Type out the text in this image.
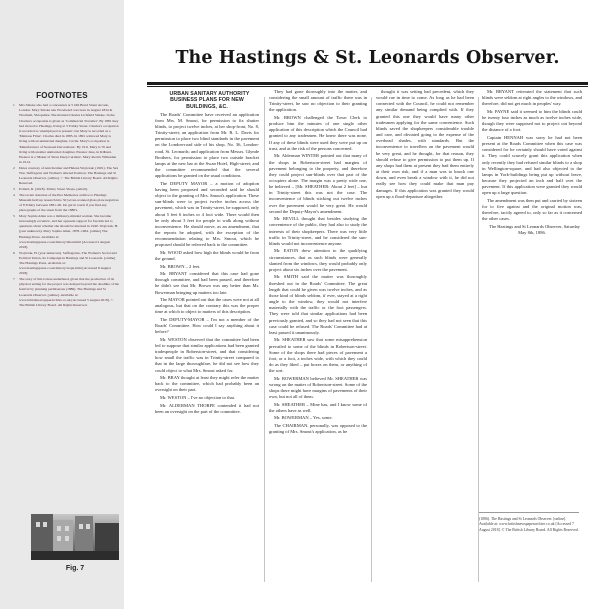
FOOTNOTES
1 Mrs Smoke also had a concession at 5 Old Bond Street Arcade, London. Mary Smoke née Woodward was born in August 1834 in Wrothem, Shropshire. She married Charles Lichfield Smoke. In the Charles's occupation is given as 'Commercial Traveller'. By 1881 they had moved to Hastings, living at 3 Trinity Street. Charles's occupation is recorded as 'unemployed at present', but Mary is recorded as a 'Mattrese Fitter'. Charles died in 1885. In 1891 widowed Mary is living with an unmarried daughter, Cecile. Mary's occupation is 'Manufacturer of Seaweed Decorations'. By 1911 Mary is 76 and living with another unmarried daughter, Eleanor Jane, in Kilburn. Eleanor is a 'Maker of Shaw Deep Curtains'. Mary died in Willesden in 1914.
2 Dates courtesy of Ann Kramer and Helena Wojtczak; (1901). The Sex War, Suffragette and Women's Altered Position. The Hastings and St Leonards Observer. [online]. © The British Library Board. All Rights Reserved.
3 Pollard, R. (2018). Trinity Street Shops. [email].
4 The recent donation of the Pier Memories archive to Hastings Museum held up research into 50 yet un-scanned glass plate negatives of 8 Trinity between 1881–90. Do get in touch if you find any photographs of the street from the 1880's.
5 Mary Sophia Allen was a militancy-minded woman. She became increasingly eccentric, and her apparent support for fascism led to questions about whether she should be interned in 1940. Wojtczak, H. (year unknown). Mary Sophia Allen, 1878–1964. [online] The Hastings Press. Available at: www.hastingspress.co.uk/history/allen.html [Accessed 2 August 2018].
6 Wojtczak, H. (year unknown). Suffragettes, The Women's Social and Political Union, Its Campaign in Hastings and St Leonards. [online] The Hastings Press. Available at: www.hastingspress.co.uk/history/wspu.html [Accessed 8 August 2018].
7 The story of this is here underlined, given that the production of its physical setting for the project was delayed beyond the deadline of the festival by planning permissions (1886). The Hastings and St Leonards Observer. [online]. Available at: www.britishnewspaperarchive.co.uk [Accessed 5 August 2018]. © The British Library Board. All Rights Reserved.
Fig. 7
The Hastings & St. Leonards Observer.

URBAN SANITARY AUTHORITY BUSINESS PLANS FOR NEW BUILDINGS, &C.

The Roads' Committee have received an application from Mrs. M. Smout, for permission to fix shutter blinds, to project twelve inches, at her shop-front, No. 8, Trinity-street; an application from Mr. R. L. Davis for permission to place two blind standards in the pavement on the London-road side of his shop, No. 36, London-road, St. Leonards; and application from Messrs. Glynde Brothers, for permission to place two outside bracket lamps at the new bar at the Swan Hotel, High-street; and the committee recommended that the several applications be granted on the usual conditions.

The DEPUTY MAYOR – a motion of adoption having been proposed and seconded said he should object to the granting of Mrs. Smout's application. These sun-blinds were to project twelve inches across the pavement, which was in Trinity-street, he supposed, only about 5 feet 6 inches or 4 foot wide. There would then be only about 3 feet for people to walk along without inconvenience. He should move, as an amendment, that the reports be adopted, with the exception of the recommendation relating to Mrs. Smout, which he proposed should be referred back to the committee.

Mr. WOOD asked how high the blinds would be from the ground.

Mr. BROWN – 2 feet.

Mr. BRYANT considered that this case had gone through committee, and had been passed, and therefore he didn't see that Mr. Brown was any better than Mr. Bowerman bringing up matters too late.

The MAYOR pointed out that the cases were not at all analogous, but that on the contrary this was the proper time at which to object to matters of this description.

The DEPUTY-MAYOR – I'm not a member of the Roads' Committee. How could I say anything about it before?

Mr. WESTON observed that the committee had been led to suppose that similar applications had been granted tradespeople in Roberston-street, and that considering how small the traffic was in Trinity-street compared to that in the large thoroughfare, he did not see how they could object to what Mrs. Smout asked for.

Mr. BRAY thought at least they might refer the matter back to the committee, which had probably been an oversight on their part.

Mr. WESTON – I've no objection to that.

Mr. ALDERMAN THORPE contended it had not been an oversight on the part of the committee.

They had gone thoroughly into the matter, and considering the small amount of traffic there was in Trinity-street, he saw no objection to their granting the application.

Mr. BROWN challenged the Town Clerk to produce him the minutes of one single other application of this description which the Council had granted to any tradesmen. He knew there was none. If any of these blinds were used they were put up on trust, and at the risk of the persons concerned.

Mr. Alderman WINTER pointed out that many of the shops in Robertson-street had margins of pavement belonging to the property, and therefore they could project sun-blinds over that part of the occupiers alone. The margin was a pretty wide one, he believed – [Mr. SHEATHER: About 2 feet] – but in Trinity-street this was not the case. The inconvenience of blinds sticking out twelve inches over the pavement would be very great. He would second the Deputy-Mayor's amendment.

Mr. REVILL thought that besides studying the convenience of the public, they had also to study the interests of their shopkeepers. There was very little traffic in Trinity-street, and he considered the sun-blinds would not inconvenience anyone.

Mr. EATON drew attention to the qualifying circumstances, that as such blinds were generally slanted from the windows, they would probably only project about six inches over the pavement.

Mr. SMITH said the matter was thoroughly threshed out in the Roads' Committee. The great length that could be given was twelve inches, and as those kind of blinds seldom, if ever, stayed at a right angle to the window, they would not interfere materially with the traffic or the foot passengers. They were told that similar applications had been previously granted, and so they had not seen that this case could be refused. The Roads' Committee had at least passed it unanimously.

Mr. SHEATHER saw that some misapprehension prevailed to some of the blinds in Robertson-street. Some of the shops there had pieces of pavement a foot, or a foot, a inches wide, with which they could do as they liked – put boxes on them, or anything of the sort.

Mr. BOWERMAN believed Mr. SHEATHER was wrong on the matter of Robertson-street. Some of the shops there might have margins of pavements of their own, but not all of them.

Mr. SHEATHER – Mine has, and I know some of the others have as well.

Mr. BOWERMAN – Yes, some.

The CHAIRMAN, personally, was opposed to the granting of Mrs. Smout's application, as he

thought it was setting bad precedent, which they would rue in time to come. As long as he had been connected with the Council, he could not remember any similar demand being complied with. If they granted this one they would have many other tradesmen applying for the same convenience. Such blinds saved the shopkeepers considerable trouble and care, and obviated going to the expense of the overhead shades, with standards. But the inconvenience to travellers on the pavement would be very great, and he thought, for that reason, they should refuse to give permission to put them up. If any shops had them at present they had them entirely at their own risk, and if a man was to knock one down, and even break a window with it, he did not really see how they could make that man pay damages. If this application was granted they would open up a flood-departure altogether.

Mr. BRYANT reiterated the statement that such blinds were seldom at right angles to the windows, and therefore, did not get much in peoples' way.

Mr. PAYNE said it seemed to him the blinds could be twenty four inches as much as twelve inches wide, though they were supposed not to project out beyond the distance of a foot.

Captain HENNAH was sorry he had not been present at the Roads Committee when this case was considered for he certainly should have voted against it. They could scarcely grant this application when only recently they had refused similar blinds to a shop in Wellington-square, and had also objected to the lamps in York-buildings being put up without leave, because they projected an inch and half over the pavement. If this application were granted they would open up a large question.

The amendment was then put and carried by sixteen for to five against and the original motion was, therefore, tacitly agreed to, only so far as it concerned the other cases.

The Hastings and St Leonards Observer, Saturday May 8th, 1886.

(1886). The Hastings and St Leonards Observer. [online]. Available at: www.britishnewspaperarchive.co.uk [Accessed 7 August 2018]. © The British Library Board. All Rights Reserved.
